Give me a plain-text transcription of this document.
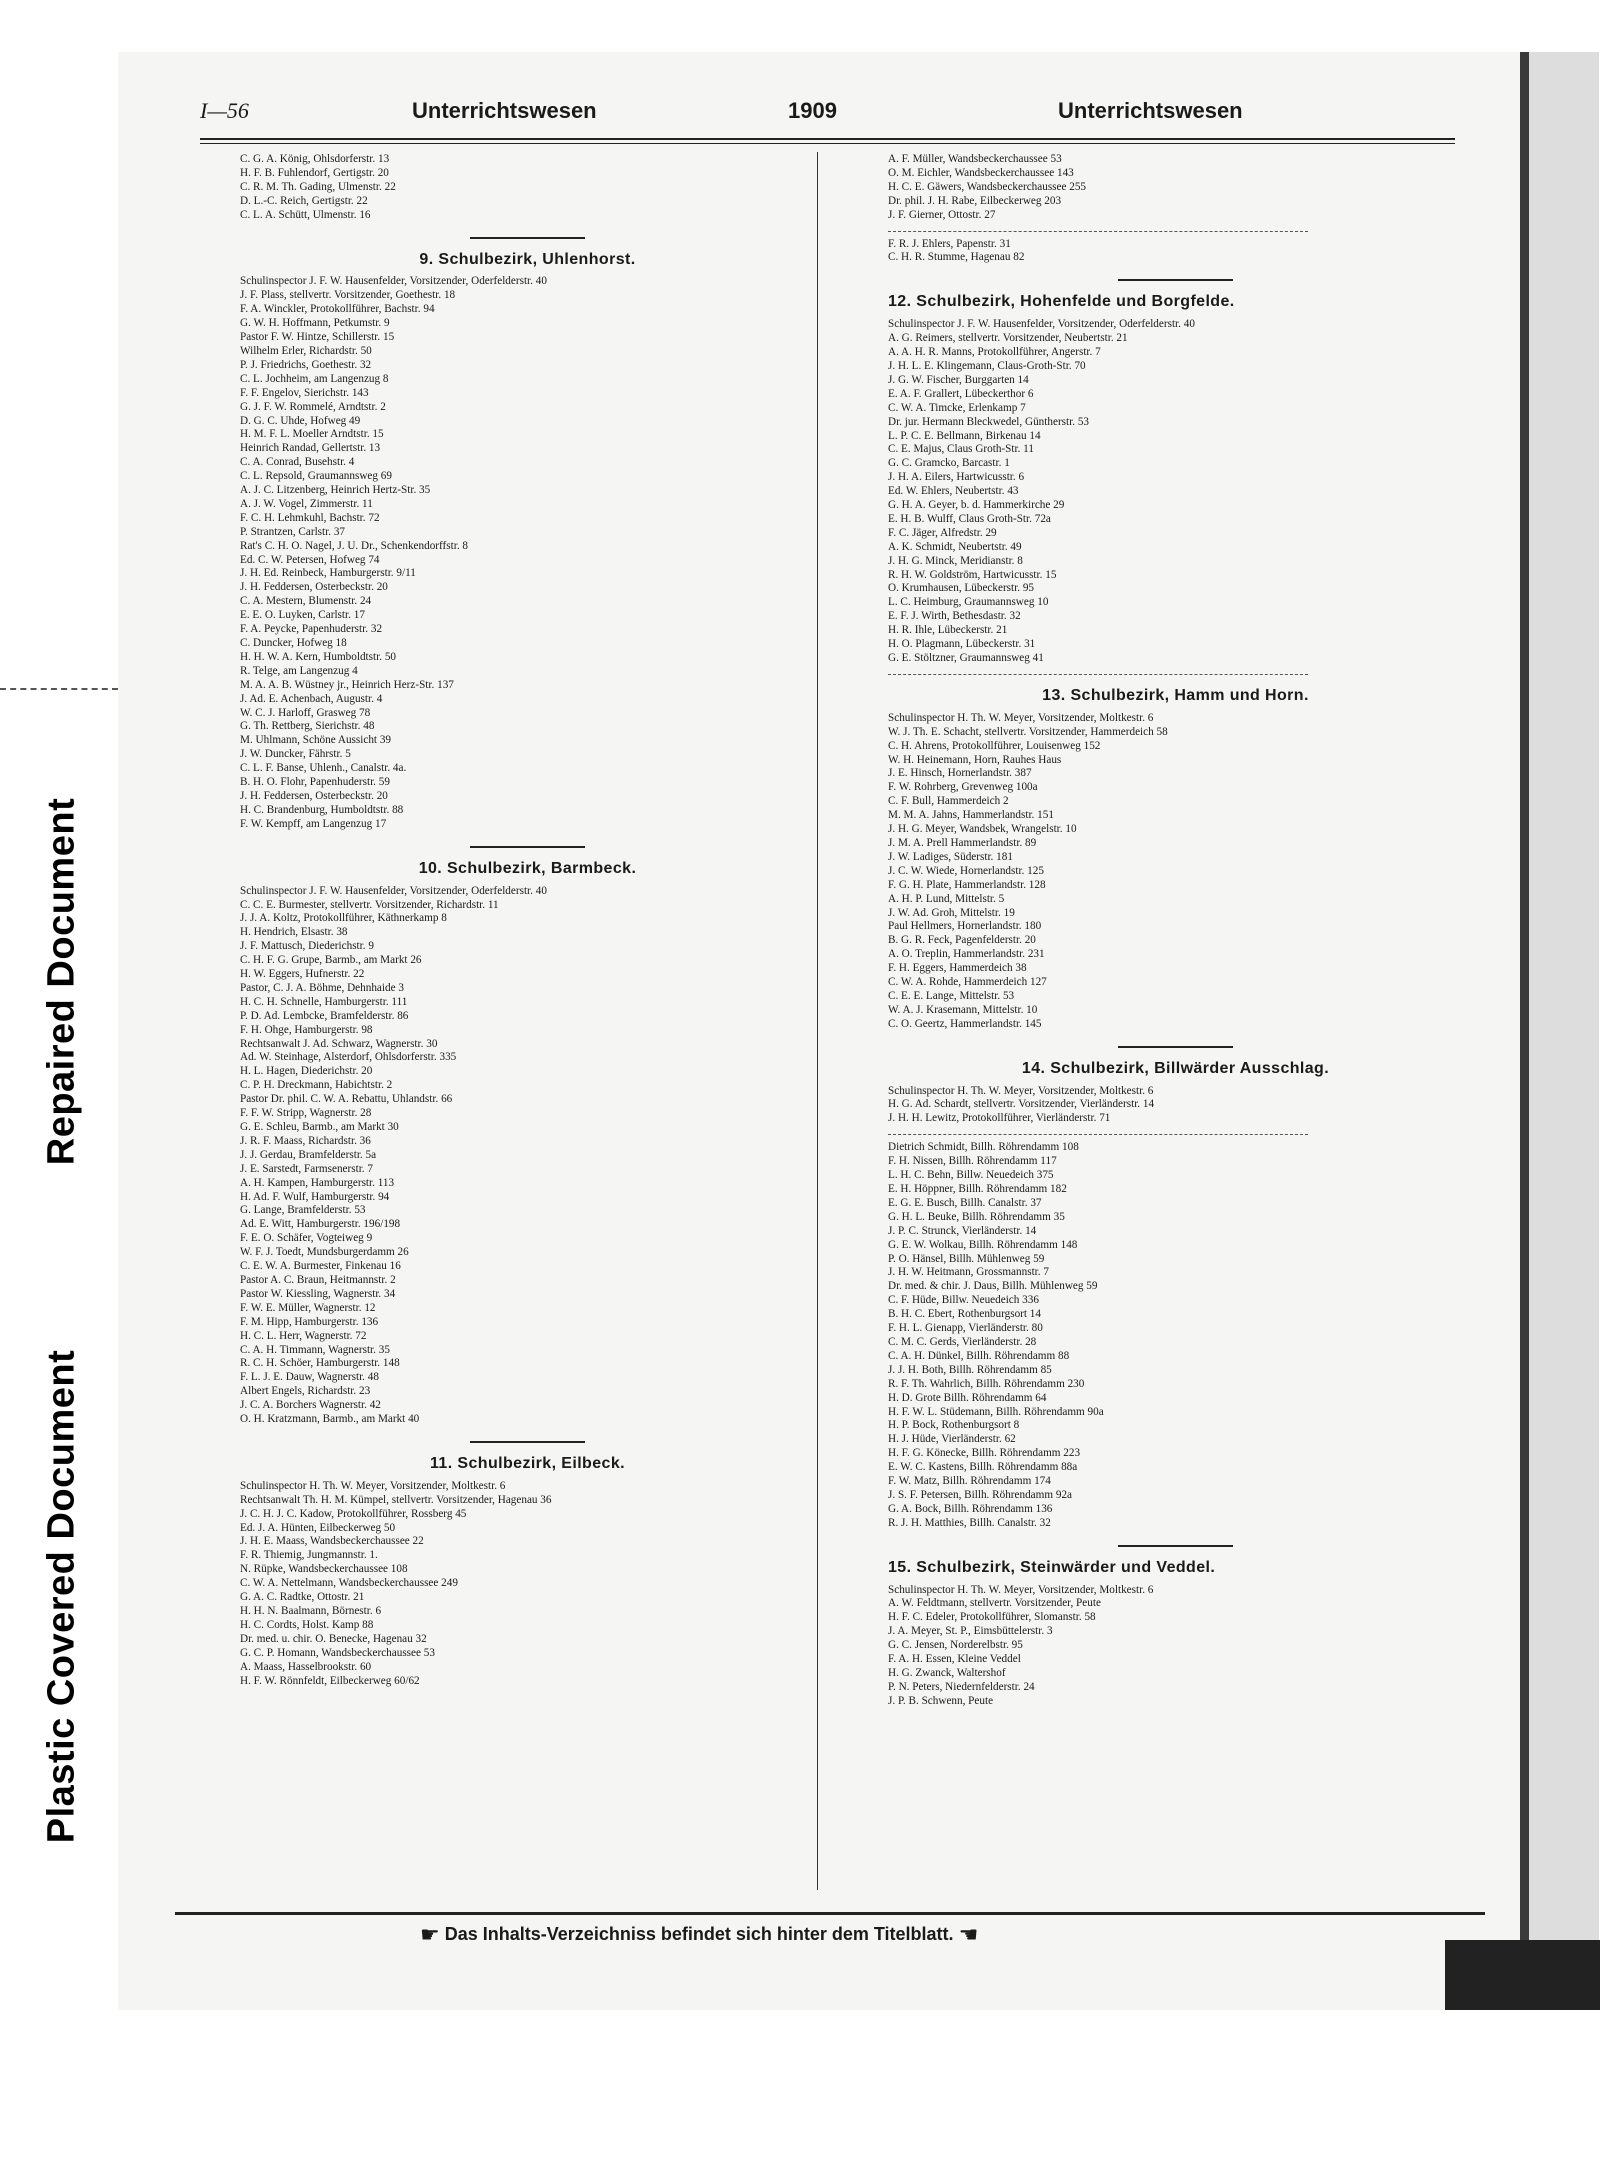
Plastic Covered Document
Repaired Document
I—56	Unterrichtswesen	1909	Unterrichtswesen
C. G. A. König, Ohlsdorferstr. 13
H. F. B. Fuhlendorf, Gertigstr. 20
C. R. M. Th. Gading, Ulmenstr. 22
D. L.-C. Reich, Gertigstr. 22
C. L. A. Schütt, Ulmenstr. 16
9. Schulbezirk, Uhlenhorst.
Schulinspector J. F. W. Hausenfelder, Vorsitzender, Oderfelderstr. 40
J. F. Plass, stellvertr. Vorsitzender, Goethestr. 18
F. A. Winckler, Protokollführer, Bachstr. 94
G. W. H. Hoffmann, Petkumstr. 9
Pastor F. W. Hintze, Schillerstr. 15
Wilhelm Erler, Richardstr. 50
P. J. Friedrichs, Goethestr. 32
C. L. Jochheim, am Langenzug 8
F. F. Engelov, Sierichstr. 143
G. J. F. W. Rommelé, Arndtstr. 2
D. G. C. Uhde, Hofweg 49
H. M. F. L. Moeller Arndtstr. 15
Heinrich Randad, Gellertstr. 13
C. A. Conrad, Busehstr. 4
C. L. Repsold, Graumannsweg 69
A. J. C. Litzenberg, Heinrich Hertz-Str. 35
A. J. W. Vogel, Zimmerstr. 11
F. C. H. Lehmkuhl, Bachstr. 72
P. Strantzen, Carlstr. 37
Rat's C. H. O. Nagel, J. U. Dr., Schenkendorffstr. 8
Ed. C. W. Petersen, Hofweg 74
J. H. Ed. Reinbeck, Hamburgerstr. 9/11
J. H. Feddersen, Osterbeckstr. 20
C. A. Mestern, Blumenstr. 24
E. E. O. Luyken, Carlstr. 17
F. A. Peycke, Papenhuderstr. 32
C. Duncker, Hofweg 18
H. H. W. A. Kern, Humboldtstr. 50
R. Telge, am Langenzug 4
M. A. A. B. Wüstney jr., Heinrich Herz-Str. 137
J. Ad. E. Achenbach, Augustr. 4
W. C. J. Harloff, Grasweg 78
G. Th. Rettberg, Sierichstr. 48
M. Uhlmann, Schöne Aussicht 39
J. W. Duncker, Fährstr. 5
C. L. F. Banse, Uhlenh., Canalstr. 4a.
B. H. O. Flohr, Papenhuderstr. 59
J. H. Feddersen, Osterbeckstr. 20
H. C. Brandenburg, Humboldtstr. 88
F. W. Kempff, am Langenzug 17
10. Schulbezirk, Barmbeck.
Schulinspector J. F. W. Hausenfelder, Vorsitzender, Oderfelderstr. 40
C. C. E. Burmester, stellvertr. Vorsitzender, Richardstr. 11
J. J. A. Koltz, Protokollführer, Käthnerkamp 8
H. Hendrich, Elsastr. 38
J. F. Mattusch, Diederichstr. 9
C. H. F. G. Grupe, Barmb., am Markt 26
H. W. Eggers, Hufnerstr. 22
Pastor, C. J. A. Böhme, Dehnhaide 3
H. C. H. Schnelle, Hamburgerstr. 111
P. D. Ad. Lembcke, Bramfelderstr. 86
F. H. Ohge, Hamburgerstr. 98
Rechtsanwalt J. Ad. Schwarz, Wagnerstr. 30
Ad. W. Steinhage, Alsterdorf, Ohlsdorferstr. 335
H. L. Hagen, Diederichstr. 20
C. P. H. Dreckmann, Habichtstr. 2
Pastor Dr. phil. C. W. A. Rebattu, Uhlandstr. 66
F. F. W. Stripp, Wagnerstr. 28
G. E. Schleu, Barmb., am Markt 30
J. R. F. Maass, Richardstr. 36
J. J. Gerdau, Bramfelderstr. 5a
J. E. Sarstedt, Farmsenerstr. 7
A. H. Kampen, Hamburgerstr. 113
H. Ad. F. Wulf, Hamburgerstr. 94
G. Lange, Bramfelderstr. 53
Ad. E. Witt, Hamburgerstr. 196/198
F. E. O. Schäfer, Vogteiweg 9
W. F. J. Toedt, Mundsburgerdamm 26
C. E. W. A. Burmester, Finkenau 16
Pastor A. C. Braun, Heitmannstr. 2
Pastor W. Kiessling, Wagnerstr. 34
F. W. E. Müller, Wagnerstr. 12
F. M. Hipp, Hamburgerstr. 136
H. C. L. Herr, Wagnerstr. 72
C. A. H. Timmann, Wagnerstr. 35
R. C. H. Schöer, Hamburgerstr. 148
F. L. J. E. Dauw, Wagnerstr. 48
Albert Engels, Richardstr. 23
J. C. A. Borchers Wagnerstr. 42
O. H. Kratzmann, Barmb., am Markt 40
11. Schulbezirk, Eilbeck.
Schulinspector H. Th. W. Meyer, Vorsitzender, Moltkestr. 6
Rechtsanwalt Th. H. M. Kümpel, stellvertr. Vorsitzender, Hagenau 36
J. C. H. J. C. Kadow, Protokollführer, Rossberg 45
Ed. J. A. Hünten, Eilbeckerweg 50
J. H. E. Maass, Wandsbeckerchaussee 22
F. R. Thiemig, Jungmannstr. 1.
N. Rüpke, Wandsbeckerchaussee 108
C. W. A. Nettelmann, Wandsbeckerchaussee 249
G. A. C. Radtke, Ottostr. 21
H. H. N. Baalmann, Börnestr. 6
H. C. Cordts, Holst. Kamp 88
Dr. med. u. chir. O. Benecke, Hagenau 32
G. C. P. Homann, Wandsbeckerchaussee 53
A. Maass, Hasselbrookstr. 60
H. F. W. Rönnfeldt, Eilbeckerweg 60/62
A. F. Müller, Wandsbeckerchaussee 53
O. M. Eichler, Wandsbeckerchaussee 143
H. C. E. Gäwers, Wandsbeckerchaussee 255
Dr. phil. J. H. Rabe, Eilbeckerweg 203
J. F. Gierner, Ottostr. 27
F. R. J. Ehlers, Papenstr. 31
C. H. R. Stumme, Hagenau 82
12. Schulbezirk, Hohenfelde und Borgfelde.
Schulinspector J. F. W. Hausenfelder, Vorsitzender, Oderfelderstr. 40
A. G. Reimers, stellvertr. Vorsitzender, Neubertstr. 21
A. A. H. R. Manns, Protokollführer, Angerstr. 7
J. H. L. E. Klingemann, Claus-Groth-Str. 70
J. G. W. Fischer, Burggarten 14
E. A. F. Grallert, Lübeckerthor 6
C. W. A. Timcke, Erlenkamp 7
Dr. jur. Hermann Bleckwedel, Güntherstr. 53
L. P. C. E. Bellmann, Birkenau 14
C. E. Majus, Claus Groth-Str. 11
G. C. Gramcko, Barcastr. 1
J. H. A. Eilers, Hartwicusstr. 6
Ed. W. Ehlers, Neubertstr. 43
G. H. A. Geyer, b. d. Hammerkirche 29
E. H. B. Wulff, Claus Groth-Str. 72a
F. C. Jäger, Alfredstr. 29
A. K. Schmidt, Neubertstr. 49
J. H. G. Minck, Meridianstr. 8
R. H. W. Goldström, Hartwicusstr. 15
O. Krumhausen, Lübeckerstr. 95
L. C. Heimburg, Graumannsweg 10
E. F. J. Wirth, Bethesdastr. 32
H. R. Ihle, Lübeckerstr. 21
H. O. Plagmann, Lübeckerstr. 31
G. E. Stöltzner, Graumannsweg 41
13. Schulbezirk, Hamm und Horn.
Schulinspector H. Th. W. Meyer, Vorsitzender, Moltkestr. 6
W. J. Th. E. Schacht, stellvertr. Vorsitzender, Hammerdeich 58
C. H. Ahrens, Protokollführer, Louisenweg 152
W. H. Heinemann, Horn, Rauhes Haus
J. E. Hinsch, Hornerlandstr. 387
F. W. Rohrberg, Grevenweg 100a
C. F. Bull, Hammerdeich 2
M. M. A. Jahns, Hammerlandstr. 151
J. H. G. Meyer, Wandsbek, Wrangelstr. 10
J. M. A. Prell Hammerlandstr. 89
J. W. Ladiges, Süderstr. 181
J. C. W. Wiede, Hornerlandstr. 125
F. G. H. Plate, Hammerlandstr. 128
A. H. P. Lund, Mittelstr. 5
J. W. Ad. Groh, Mittelstr. 19
Paul Hellmers, Hornerlandstr. 180
B. G. R. Feck, Pagenfelderstr. 20
A. O. Treplin, Hammerlandstr. 231
F. H. Eggers, Hammerdeich 38
C. W. A. Rohde, Hammerdeich 127
C. E. E. Lange, Mittelstr. 53
W. A. J. Krasemann, Mittelstr. 10
C. O. Geertz, Hammerlandstr. 145
14. Schulbezirk, Billwärder Ausschlag.
Schulinspector H. Th. W. Meyer, Vorsitzender, Moltkestr. 6
H. G. Ad. Schardt, stellvertr. Vorsitzender, Vierländerstr. 14
J. H. H. Lewitz, Protokollführer, Vierländerstr. 71
Dietrich Schmidt, Billh. Röhrendamm 108
F. H. Nissen, Billh. Röhrendamm 117
L. H. C. Behn, Billw. Neuedeich 375
E. H. Höppner, Billh. Röhrendamm 182
E. G. E. Busch, Billh. Canalstr. 37
G. H. L. Beuke, Billh. Röhrendamm 35
J. P. C. Strunck, Vierländerstr. 14
G. E. W. Wolkau, Billh. Röhrendamm 148
P. O. Hänsel, Billh. Mühlenweg 59
J. H. W. Heitmann, Grossmannstr. 7
Dr. med. & chir. J. Daus, Billh. Mühlenweg 59
C. F. Hüde, Billw. Neuedeich 336
B. H. C. Ebert, Rothenburgsort 14
F. H. L. Gienapp, Vierländerstr. 80
C. M. C. Gerds, Vierländerstr. 28
C. A. H. Dünkel, Billh. Röhrendamm 88
J. J. H. Both, Billh. Röhrendamm 85
R. F. Th. Wahrlich, Billh. Röhrendamm 230
H. D. Grote Billh. Röhrendamm 64
H. F. W. L. Stüdemann, Billh. Röhrendamm 90a
H. P. Bock, Rothenburgsort 8
H. J. Hüde, Vierländerstr. 62
H. F. G. Könecke, Billh. Röhrendamm 223
E. W. C. Kastens, Billh. Röhrendamm 88a
F. W. Matz, Billh. Röhrendamm 174
J. S. F. Petersen, Billh. Röhrendamm 92a
G. A. Bock, Billh. Röhrendamm 136
R. J. H. Matthies, Billh. Canalstr. 32
15. Schulbezirk, Steinwärder und Veddel.
Schulinspector H. Th. W. Meyer, Vorsitzender, Moltkestr. 6
A. W. Feldtmann, stellvertr. Vorsitzender, Peute
H. F. C. Edeler, Protokollführer, Slomanstr. 58
J. A. Meyer, St. P., Eimsbüttelerstr. 3
G. C. Jensen, Norderelbstr. 95
F. A. H. Essen, Kleine Veddel
H. G. Zwanck, Waltershof
P. N. Peters, Niedernfelderstr. 24
J. P. B. Schwenn, Peute
☛ Das Inhalts-Verzeichniss befindet sich hinter dem Titelblatt. ☚
